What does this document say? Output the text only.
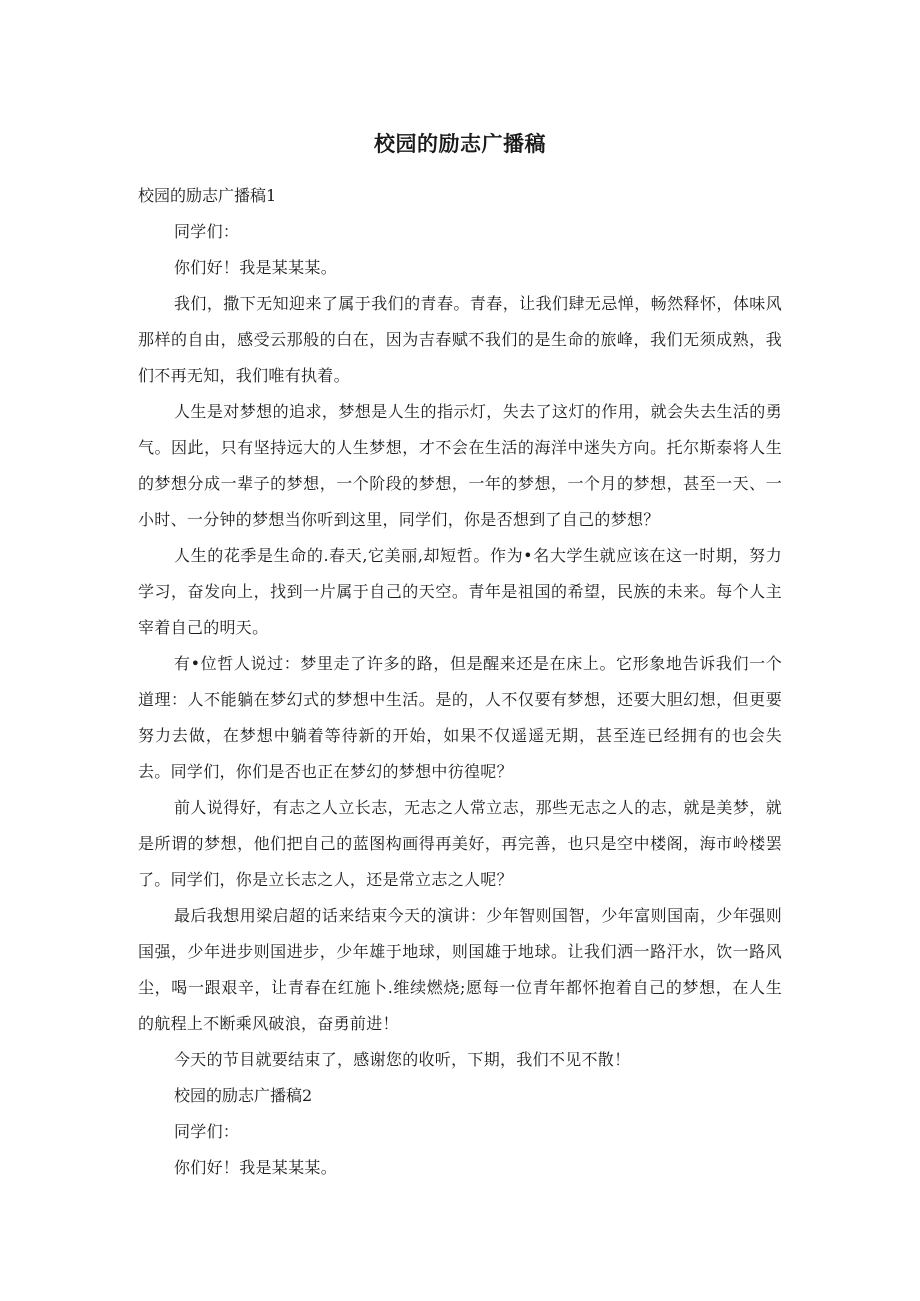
校园的励志广播稿

校园的励志广播稿1

同学们：

你们好！我是某某某。

我们，撒下无知迎来了属于我们的青春。青春，让我们肆无忌惮，畅然释怀，体味风那样的自由，感受云那般的白在，因为吉春赋不我们的是生命的旅峰，我们无须成熟，我们不再无知，我们唯有执着。

人生是对梦想的追求，梦想是人生的指示灯，失去了这灯的作用，就会失去生活的勇气。因此，只有坚持远大的人生梦想，才不会在生活的海洋中迷失方向。托尔斯泰将人生的梦想分成一辈子的梦想，一个阶段的梦想，一年的梦想，一个月的梦想，甚至一天、一小时、一分钟的梦想当你听到这里，同学们，你是否想到了自己的梦想？

人生的花季是生命的.春天,它美丽,却短哲。作为•名大学生就应该在这一时期，努力学习，奋发向上，找到一片属于自己的天空。青年是祖国的希望，民族的未来。每个人主宰着自己的明天。

有•位哲人说过：梦里走了许多的路，但是醒来还是在床上。它形象地告诉我们一个道理：人不能躺在梦幻式的梦想中生活。是的，人不仅要有梦想，还要大胆幻想，但更要努力去做，在梦想中躺着等待新的开始，如果不仅遥遥无期，甚至连已经拥有的也会失去。同学们，你们是否也正在梦幻的梦想中彷徨呢？

前人说得好，有志之人立长志，无志之人常立志，那些无志之人的志，就是美梦，就是所谓的梦想，他们把自己的蓝图构画得再美好，再完善，也只是空中楼阁，海市岭楼罢了。同学们，你是立长志之人，还是常立志之人呢？

最后我想用梁启超的话来结束今天的演讲：少年智则国智，少年富则国南，少年强则国强，少年进步则国进步，少年雄于地球，则国雄于地球。让我们洒一路汗水，饮一路风尘，喝一跟艰辛，让青春在红施卜.维续燃烧;愿每一位青年都怀抱着自己的梦想，在人生的航程上不断乘风破浪，奋勇前进！

今天的节目就要结束了，感谢您的收听，下期，我们不见不散！

校园的励志广播稿2

同学们：

你们好！我是某某某。
